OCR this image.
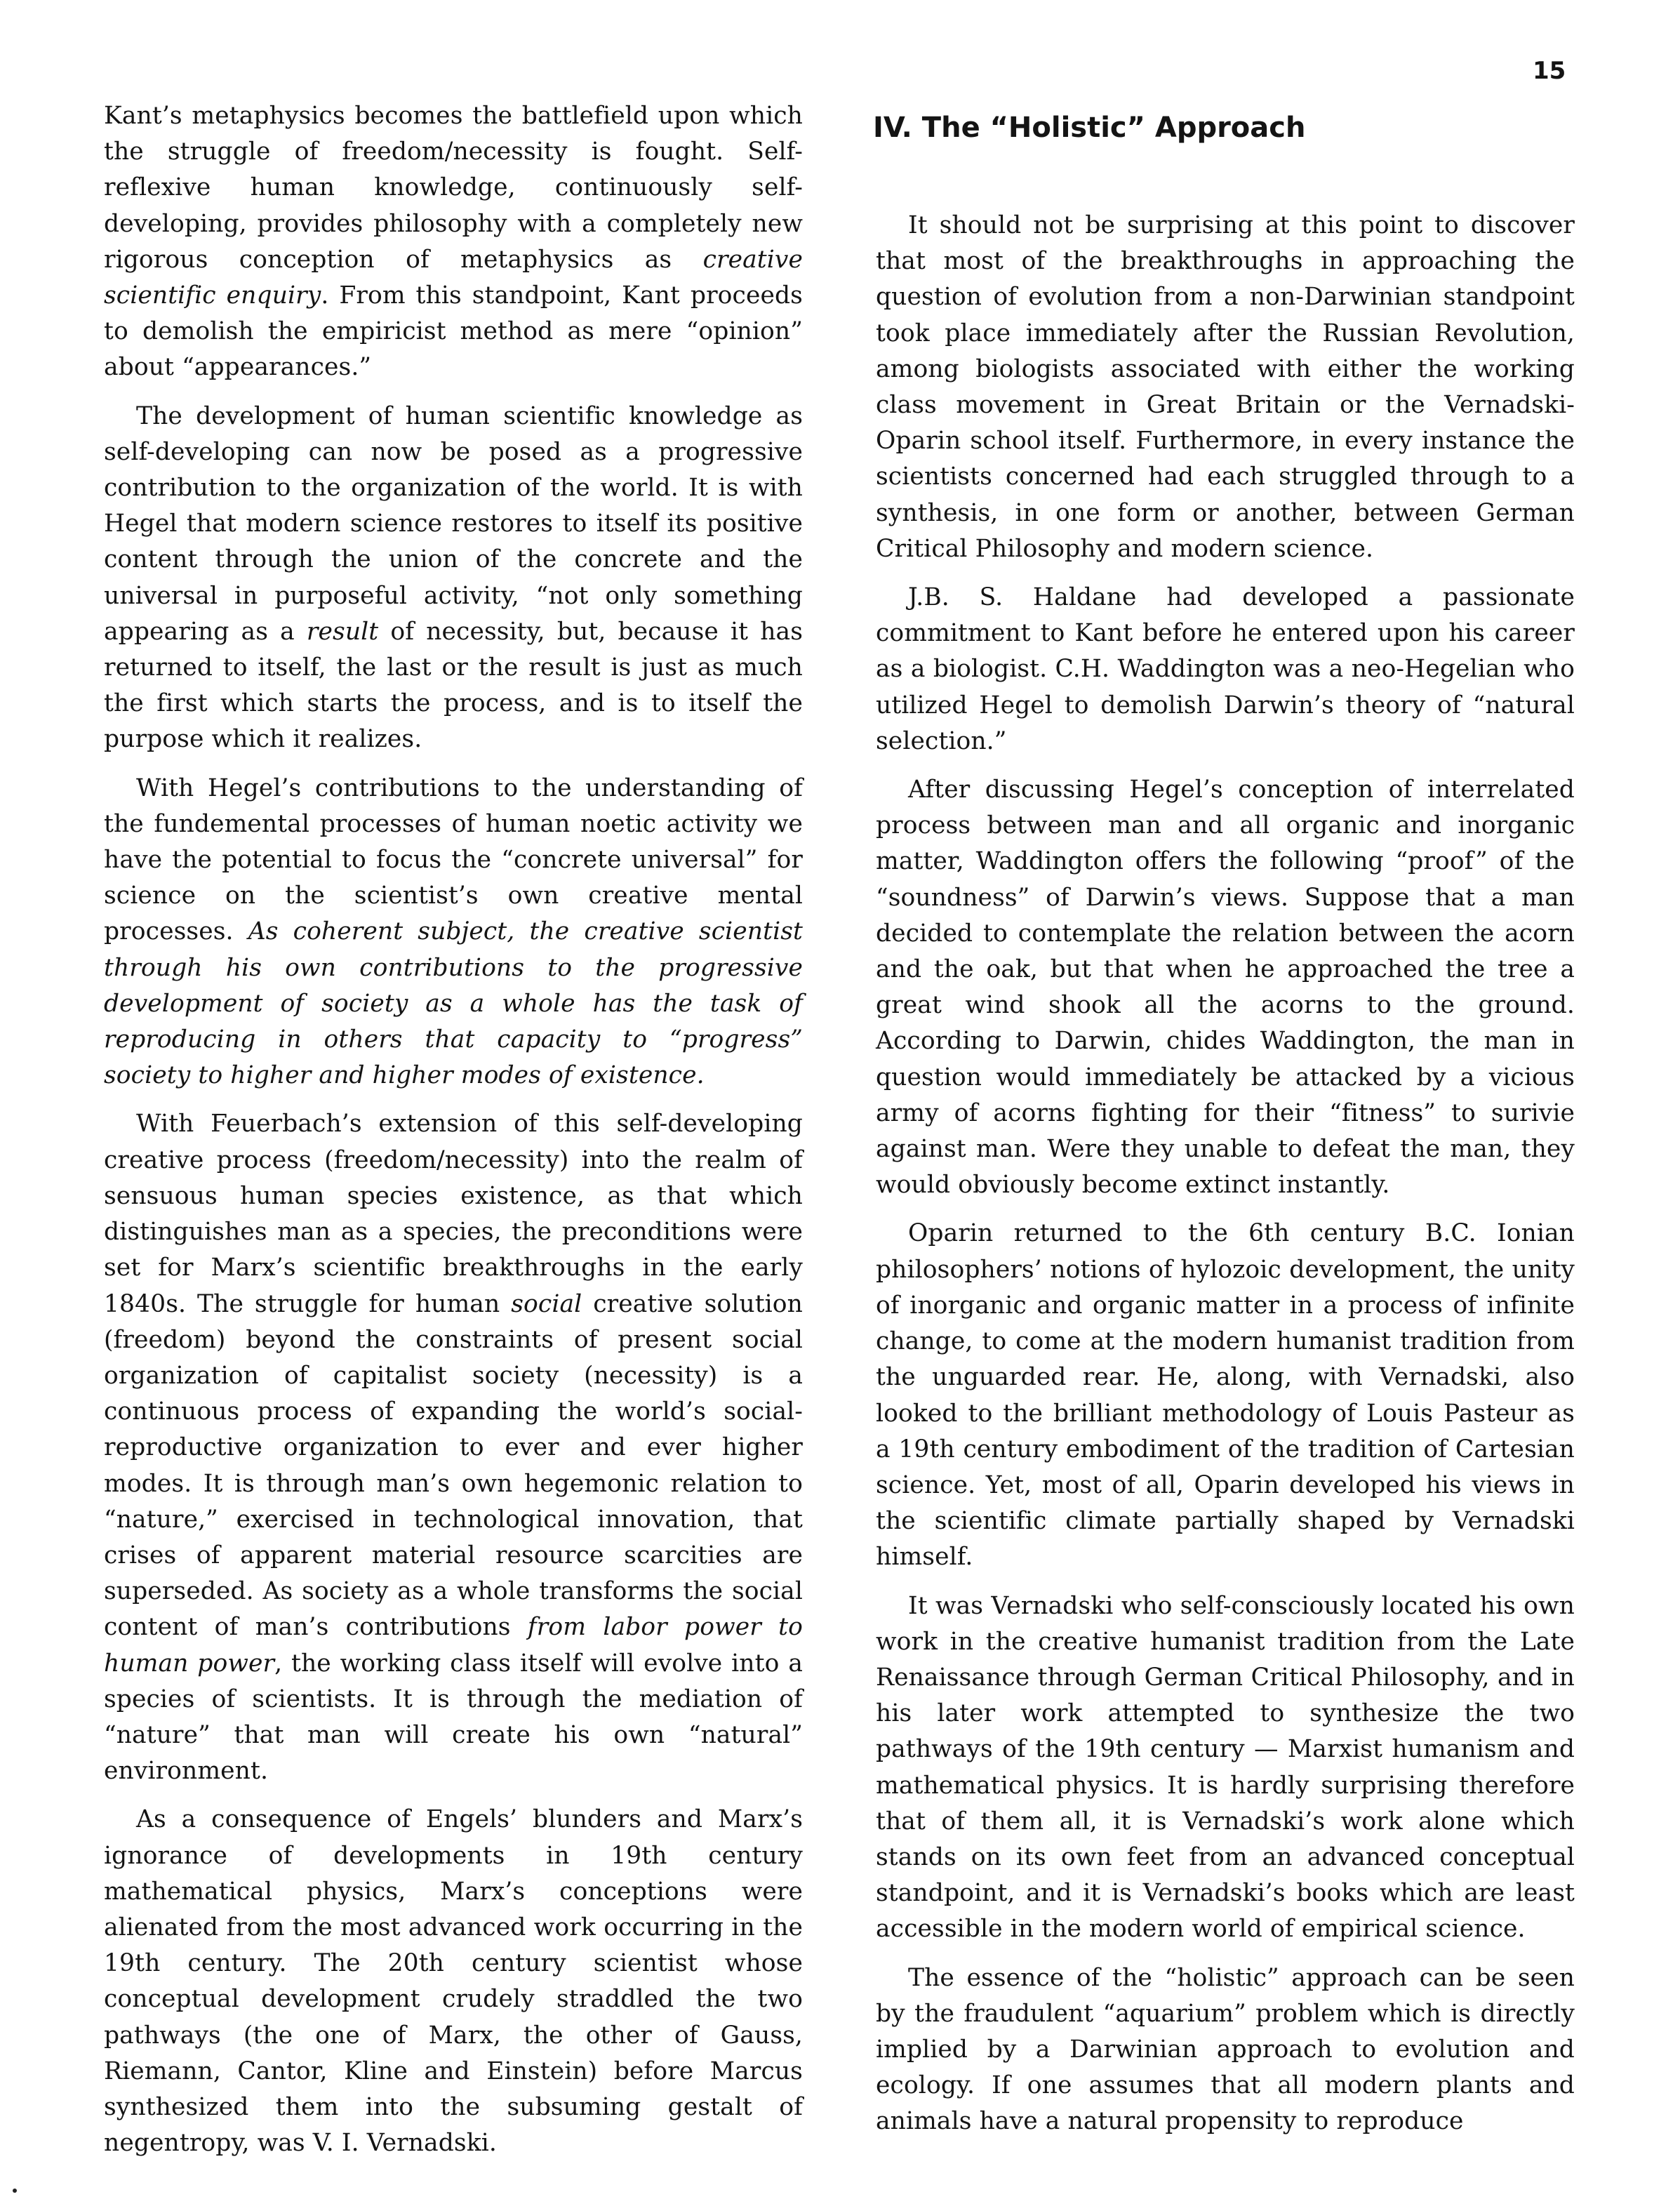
15

Kant’s metaphysics becomes the battlefield upon which the struggle of freedom/necessity is fought. Self-reflexive human knowledge, continuously self-developing, provides philosophy with a completely new rigorous conception of metaphysics as creative scientific enquiry. From this standpoint, Kant proceeds to demolish the empiricist method as mere “opinion” about “appearances.”

The development of human scientific knowledge as self-developing can now be posed as a progressive contribution to the organization of the world. It is with Hegel that modern science restores to itself its positive content through the union of the concrete and the universal in purposeful activity, “not only something appearing as a result of necessity, but, because it has returned to itself, the last or the result is just as much the first which starts the process, and is to itself the purpose which it realizes.

With Hegel’s contributions to the understanding of the fundemental processes of human noetic activity we have the potential to focus the “concrete universal” for science on the scientist’s own creative mental processes. As coherent subject, the creative scientist through his own contributions to the progressive development of society as a whole has the task of reproducing in others that capacity to “progress” society to higher and higher modes of existence.

With Feuerbach’s extension of this self-developing creative process (freedom/necessity) into the realm of sensuous human species existence, as that which distinguishes man as a species, the preconditions were set for Marx’s scientific breakthroughs in the early 1840s. The struggle for human social creative solution (freedom) beyond the constraints of present social organization of capitalist society (necessity) is a continuous process of expanding the world’s social-reproductive organization to ever and ever higher modes. It is through man’s own hegemonic relation to “nature,” exercised in technological innovation, that crises of apparent material resource scarcities are superseded. As society as a whole transforms the social content of man’s contributions from labor power to human power, the working class itself will evolve into a species of scientists. It is through the mediation of “nature” that man will create his own “natural” environment.

As a consequence of Engels’ blunders and Marx’s ignorance of developments in 19th century mathematical physics, Marx’s conceptions were alienated from the most advanced work occurring in the 19th century. The 20th century scientist whose conceptual development crudely straddled the two pathways (the one of Marx, the other of Gauss, Riemann, Cantor, Kline and Einstein) before Marcus synthesized them into the subsuming gestalt of negentropy, was V. I. Vernadski.

IV. The “Holistic” Approach

It should not be surprising at this point to discover that most of the breakthroughs in approaching the question of evolution from a non-Darwinian standpoint took place immediately after the Russian Revolution, among biologists associated with either the working class movement in Great Britain or the Vernadski-Oparin school itself. Furthermore, in every instance the scientists concerned had each struggled through to a synthesis, in one form or another, between German Critical Philosophy and modern science.

J.B. S. Haldane had developed a passionate commitment to Kant before he entered upon his career as a biologist. C.H. Waddington was a neo-Hegelian who utilized Hegel to demolish Darwin’s theory of “natural selection.”

After discussing Hegel’s conception of interrelated process between man and all organic and inorganic matter, Waddington offers the following “proof” of the “soundness” of Darwin’s views. Suppose that a man decided to contemplate the relation between the acorn and the oak, but that when he approached the tree a great wind shook all the acorns to the ground. According to Darwin, chides Waddington, the man in question would immediately be attacked by a vicious army of acorns fighting for their “fitness” to surivie against man. Were they unable to defeat the man, they would obviously become extinct instantly.

Oparin returned to the 6th century B.C. Ionian philosophers’ notions of hylozoic development, the unity of inorganic and organic matter in a process of infinite change, to come at the modern humanist tradition from the unguarded rear. He, along, with Vernadski, also looked to the brilliant methodology of Louis Pasteur as a 19th century embodiment of the tradition of Cartesian science. Yet, most of all, Oparin developed his views in the scientific climate partially shaped by Vernadski himself.

It was Vernadski who self-consciously located his own work in the creative humanist tradition from the Late Renaissance through German Critical Philosophy, and in his later work attempted to synthesize the two pathways of the 19th century — Marxist humanism and mathematical physics. It is hardly surprising therefore that of them all, it is Vernadski’s work alone which stands on its own feet from an advanced conceptual standpoint, and it is Vernadski’s books which are least accessible in the modern world of empirical science.

The essence of the “holistic” approach can be seen by the fraudulent “aquarium” problem which is directly implied by a Darwinian approach to evolution and ecology. If one assumes that all modern plants and animals have a natural propensity to reproduce
